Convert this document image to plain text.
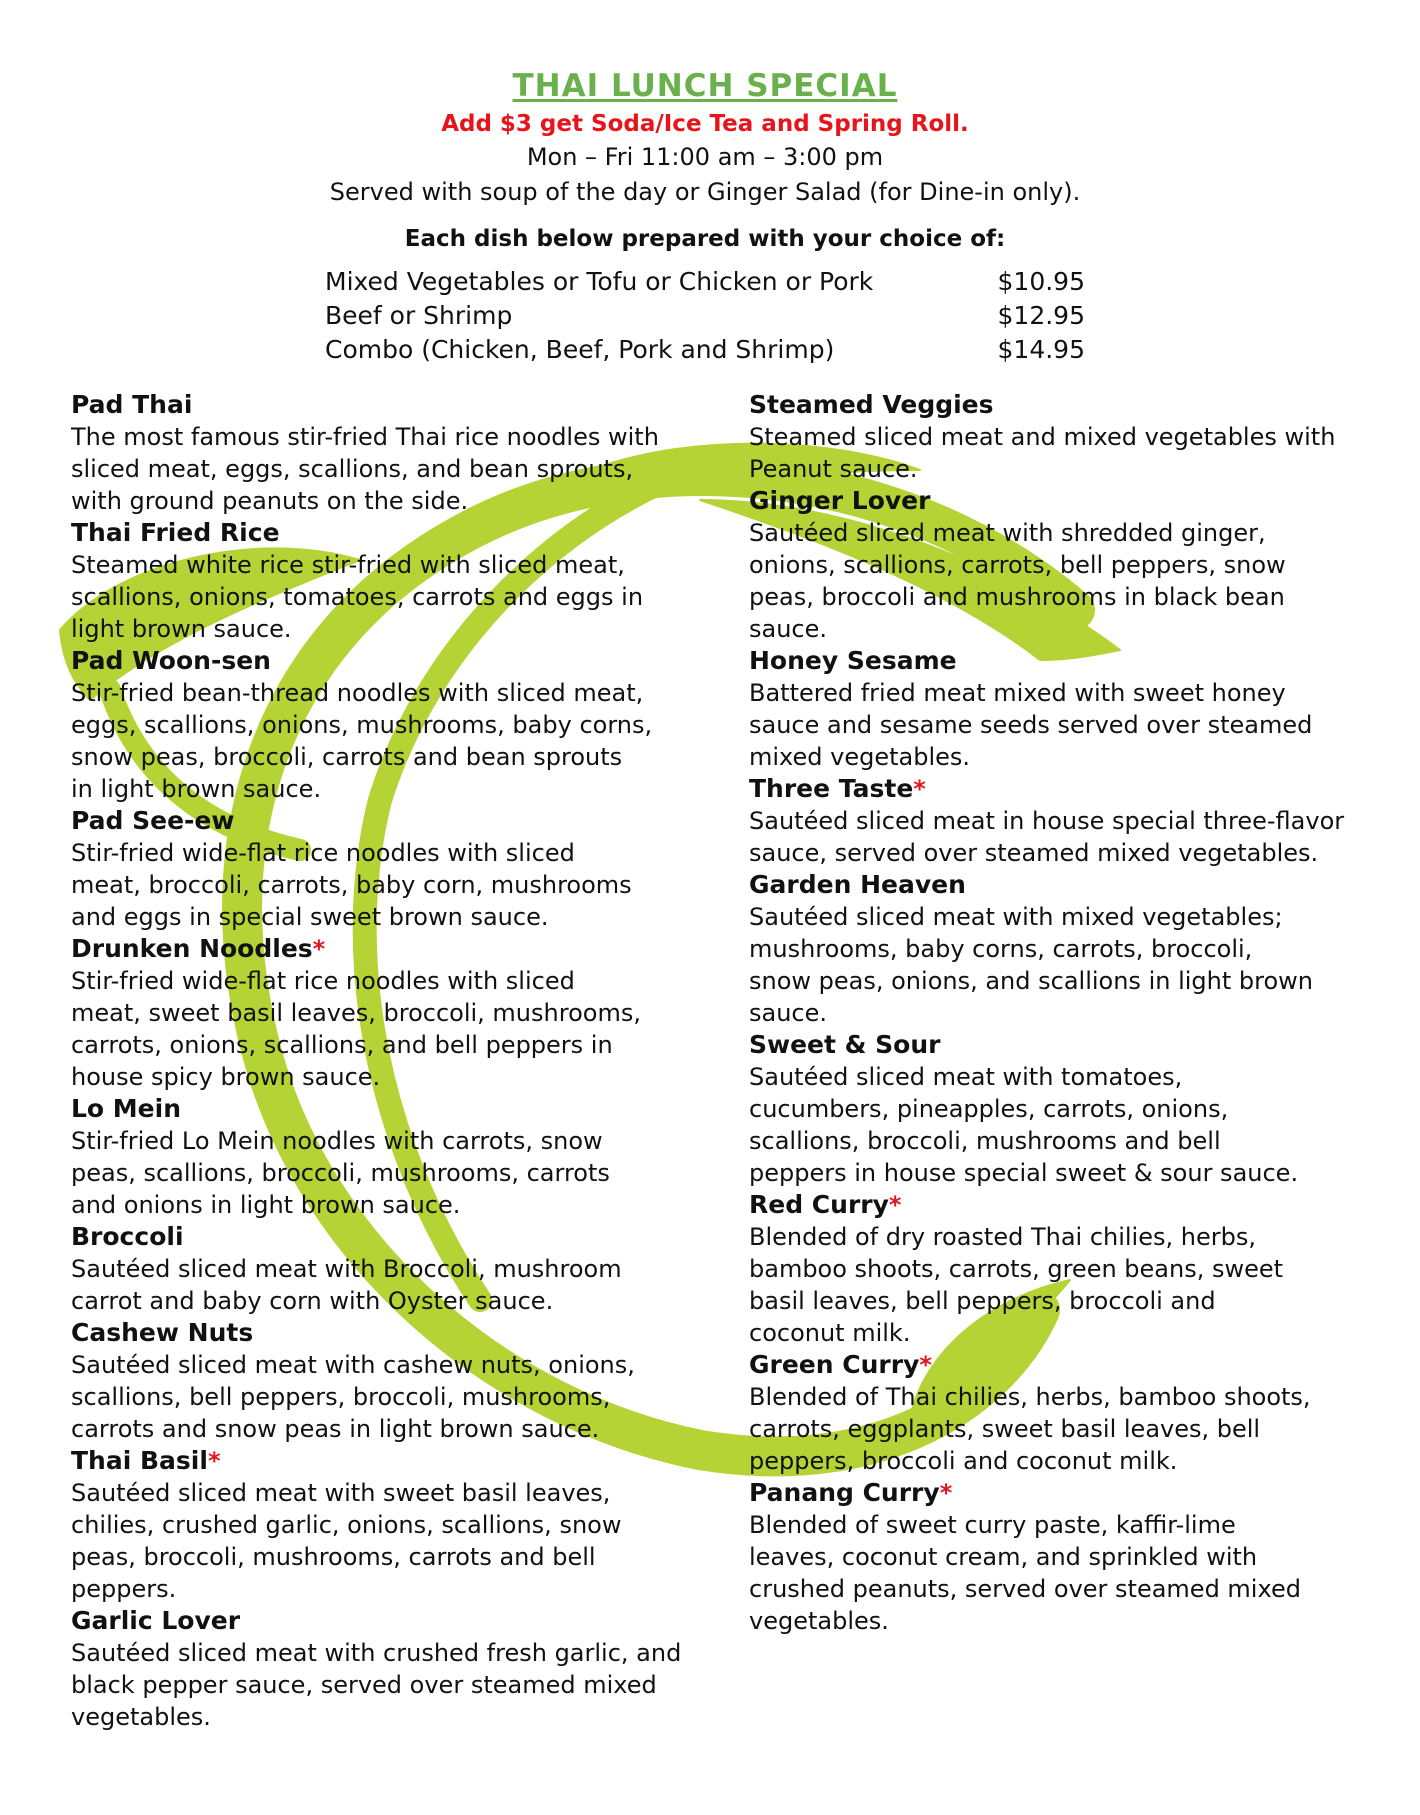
THAI LUNCH SPECIAL
Add $3 get Soda/Ice Tea and Spring Roll.
Mon – Fri 11:00 am – 3:00 pm
Served with soup of the day or Ginger Salad (for Dine-in only).
Each dish below prepared with your choice of:
Mixed Vegetables or Tofu or Chicken or Pork	$10.95
Beef or Shrimp	$12.95
Combo (Chicken, Beef, Pork and Shrimp)	$14.95
Pad Thai
The most famous stir-fried Thai rice noodles with
sliced meat, eggs, scallions, and bean sprouts,
with ground peanuts on the side.
Thai Fried Rice
Steamed white rice stir-fried with sliced meat,
scallions, onions, tomatoes, carrots and eggs in
light brown sauce.
Pad Woon-sen
Stir-fried bean-thread noodles with sliced meat,
eggs, scallions, onions, mushrooms, baby corns,
snow peas, broccoli, carrots and bean sprouts
in light brown sauce.
Pad See-ew
Stir-fried wide-flat rice noodles with sliced
meat, broccoli, carrots, baby corn, mushrooms
and eggs in special sweet brown sauce.
Drunken Noodles*
Stir-fried wide-flat rice noodles with sliced
meat, sweet basil leaves, broccoli, mushrooms,
carrots, onions, scallions, and bell peppers in
house spicy brown sauce.
Lo Mein
Stir-fried Lo Mein noodles with carrots, snow
peas, scallions, broccoli, mushrooms, carrots
and onions in light brown sauce.
Broccoli
Sautéed sliced meat with Broccoli, mushroom
carrot and baby corn with Oyster sauce.
Cashew Nuts
Sautéed sliced meat with cashew nuts, onions,
scallions, bell peppers, broccoli, mushrooms,
carrots and snow peas in light brown sauce.
Thai Basil*
Sautéed sliced meat with sweet basil leaves,
chilies, crushed garlic, onions, scallions, snow
peas, broccoli, mushrooms, carrots and bell
peppers.
Garlic Lover
Sautéed sliced meat with crushed fresh garlic, and
black pepper sauce, served over steamed mixed
vegetables.
Steamed Veggies
Steamed sliced meat and mixed vegetables with
Peanut sauce.
Ginger Lover
Sautéed sliced meat with shredded ginger,
onions, scallions, carrots, bell peppers, snow
peas, broccoli and mushrooms in black bean
sauce.
Honey Sesame
Battered fried meat mixed with sweet honey
sauce and sesame seeds served over steamed
mixed vegetables.
Three Taste*
Sautéed sliced meat in house special three-flavor
sauce, served over steamed mixed vegetables.
Garden Heaven
Sautéed sliced meat with mixed vegetables;
mushrooms, baby corns, carrots, broccoli,
snow peas, onions, and scallions in light brown
sauce.
Sweet & Sour
Sautéed sliced meat with tomatoes,
cucumbers, pineapples, carrots, onions,
scallions, broccoli, mushrooms and bell
peppers in house special sweet & sour sauce.
Red Curry*
Blended of dry roasted Thai chilies, herbs,
bamboo shoots, carrots, green beans, sweet
basil leaves, bell peppers, broccoli and
coconut milk.
Green Curry*
Blended of Thai chilies, herbs, bamboo shoots,
carrots, eggplants, sweet basil leaves, bell
peppers, broccoli and coconut milk.
Panang Curry*
Blended of sweet curry paste, kaffir-lime
leaves, coconut cream, and sprinkled with
crushed peanuts, served over steamed mixed
vegetables.
